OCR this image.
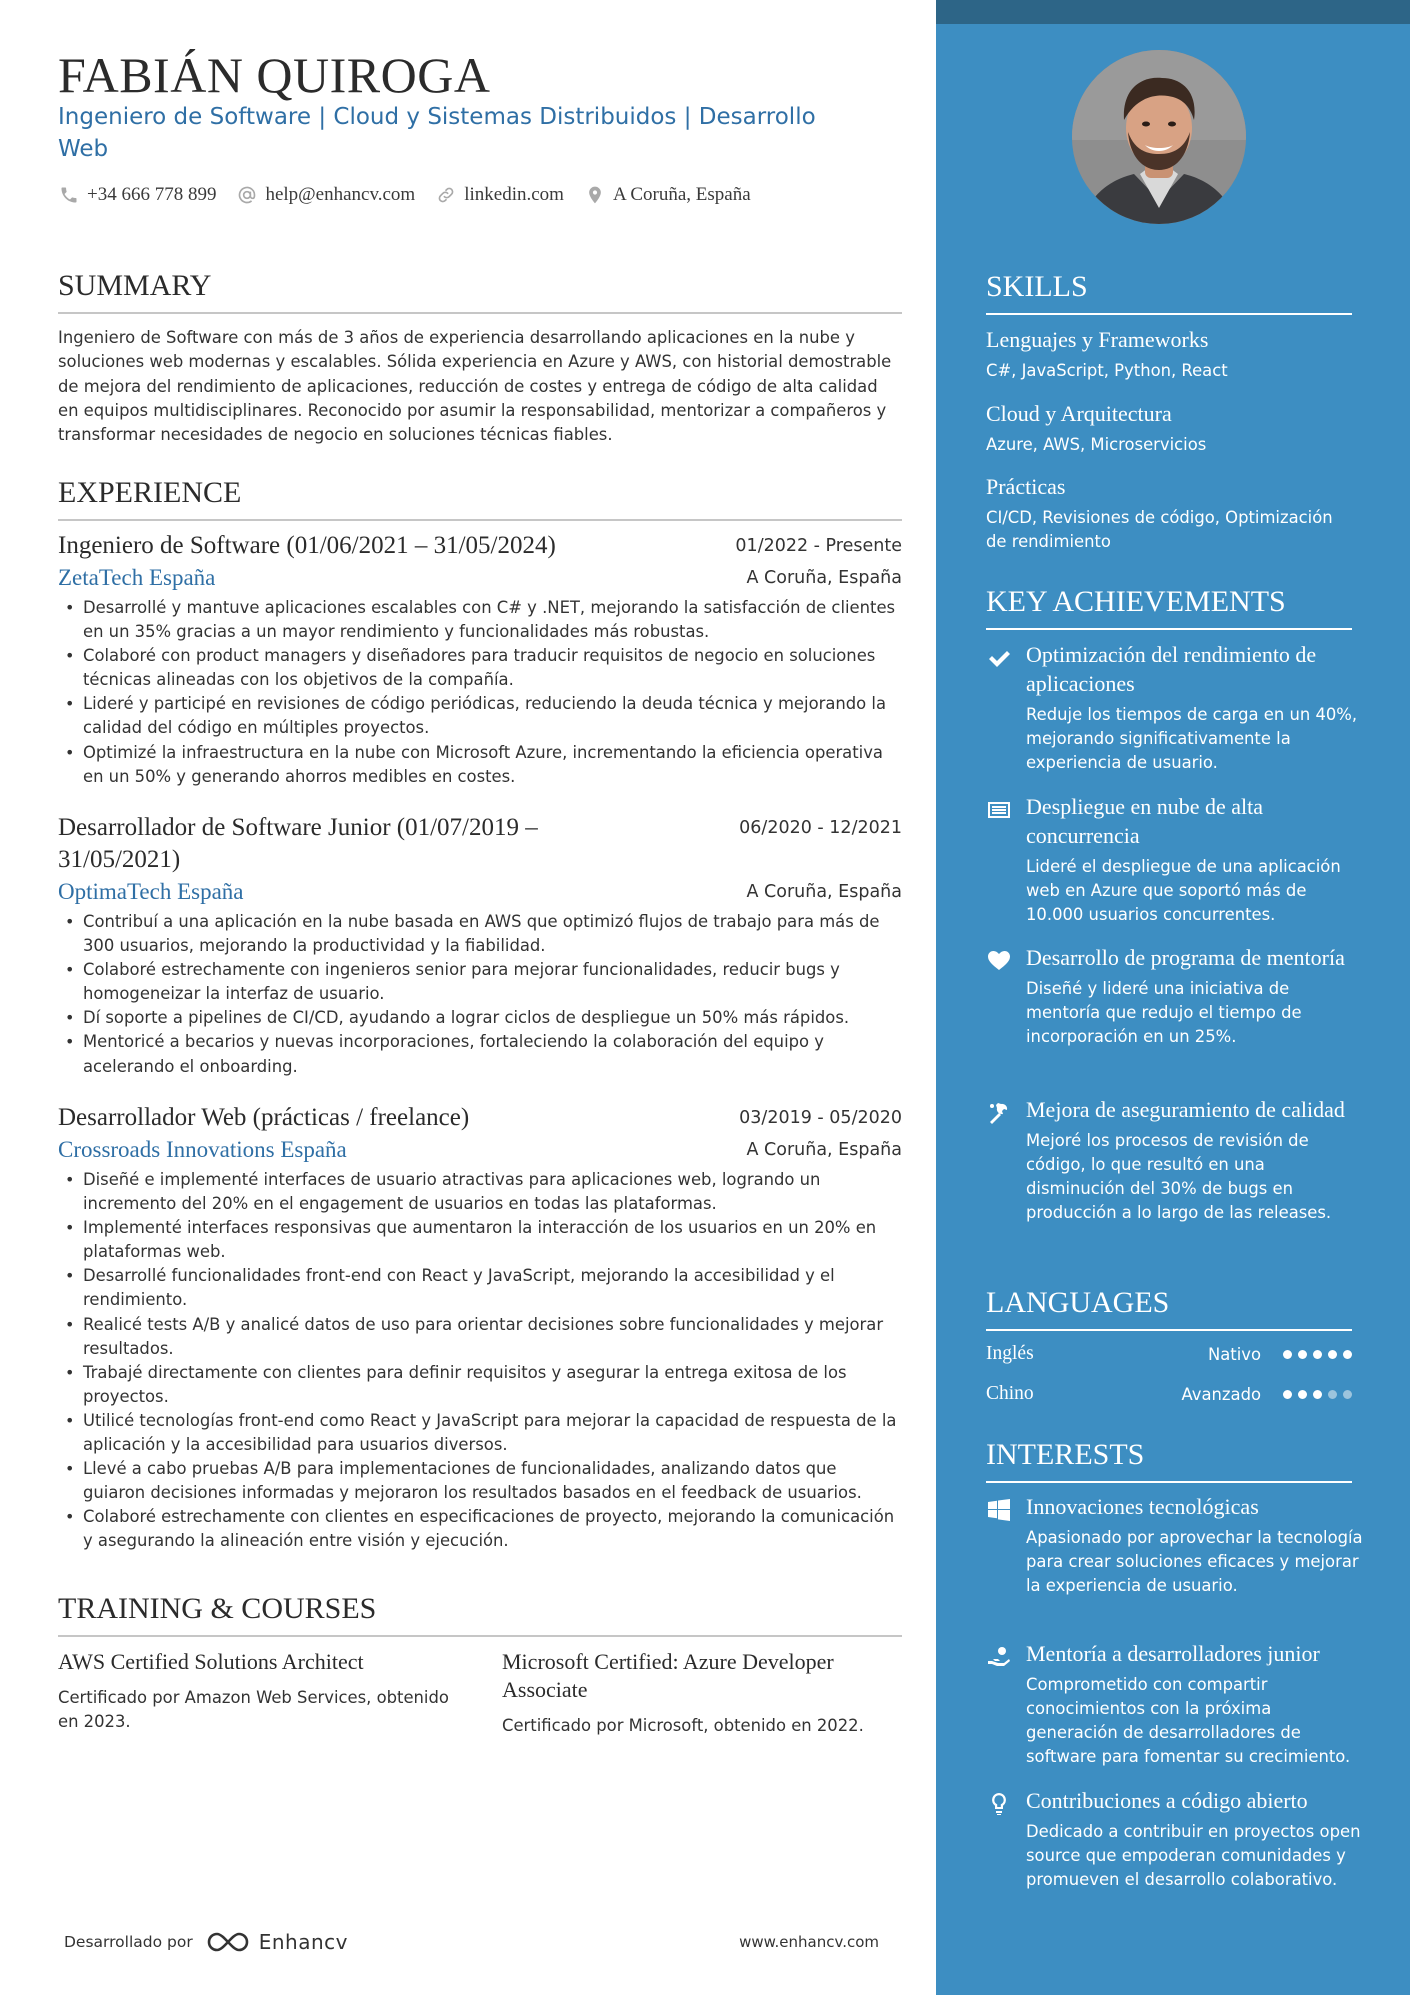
FABIÁN QUIROGA
Ingeniero de Software | Cloud y Sistemas Distribuidos | Desarrollo Web
+34 666 778 899	help@enhancv.com	linkedin.com	A Coruña, España
SUMMARY
Ingeniero de Software con más de 3 años de experiencia desarrollando aplicaciones en la nube y soluciones web modernas y escalables. Sólida experiencia en Azure y AWS, con historial demostrable de mejora del rendimiento de aplicaciones, reducción de costes y entrega de código de alta calidad en equipos multidisciplinares. Reconocido por asumir la responsabilidad, mentorizar a compañeros y transformar necesidades de negocio en soluciones técnicas fiables.
EXPERIENCE
Ingeniero de Software (01/06/2021 – 31/05/2024)	01/2022 - Presente
ZetaTech España	A Coruña, España
• Desarrollé y mantuve aplicaciones escalables con C# y .NET, mejorando la satisfacción de clientes en un 35% gracias a un mayor rendimiento y funcionalidades más robustas.
• Colaboré con product managers y diseñadores para traducir requisitos de negocio en soluciones técnicas alineadas con los objetivos de la compañía.
• Lideré y participé en revisiones de código periódicas, reduciendo la deuda técnica y mejorando la calidad del código en múltiples proyectos.
• Optimizé la infraestructura en la nube con Microsoft Azure, incrementando la eficiencia operativa en un 50% y generando ahorros medibles en costes.
Desarrollador de Software Junior (01/07/2019 – 31/05/2021)
06/2020 - 12/2021
OptimaTech España	A Coruña, España
• Contribuí a una aplicación en la nube basada en AWS que optimizó flujos de trabajo para más de 300 usuarios, mejorando la productividad y la fiabilidad.
• Colaboré estrechamente con ingenieros senior para mejorar funcionalidades, reducir bugs y homogeneizar la interfaz de usuario.
• Dí soporte a pipelines de CI/CD, ayudando a lograr ciclos de despliegue un 50% más rápidos.
• Mentoricé a becarios y nuevas incorporaciones, fortaleciendo la colaboración del equipo y acelerando el onboarding.
Desarrollador Web (prácticas / freelance)	03/2019 - 05/2020
Crossroads Innovations España	A Coruña, España
• Diseñé e implementé interfaces de usuario atractivas para aplicaciones web, logrando un incremento del 20% en el engagement de usuarios en todas las plataformas.
• Implementé interfaces responsivas que aumentaron la interacción de los usuarios en un 20% en plataformas web.
• Desarrollé funcionalidades front-end con React y JavaScript, mejorando la accesibilidad y el rendimiento.
• Realicé tests A/B y analicé datos de uso para orientar decisiones sobre funcionalidades y mejorar resultados.
• Trabajé directamente con clientes para definir requisitos y asegurar la entrega exitosa de los proyectos.
• Utilicé tecnologías front-end como React y JavaScript para mejorar la capacidad de respuesta de la aplicación y la accesibilidad para usuarios diversos.
• Llevé a cabo pruebas A/B para implementaciones de funcionalidades, analizando datos que guiaron decisiones informadas y mejoraron los resultados basados en el feedback de usuarios.
• Colaboré estrechamente con clientes en especificaciones de proyecto, mejorando la comunicación y asegurando la alineación entre visión y ejecución.
TRAINING & COURSES
AWS Certified Solutions Architect
Certificado por Amazon Web Services, obtenido en 2023.
Microsoft Certified: Azure Developer Associate
Certificado por Microsoft, obtenido en 2022.
Desarrollado por	Enhancv	www.enhancv.com
SKILLS
Lenguajes y Frameworks
C#, JavaScript, Python, React
Cloud y Arquitectura
Azure, AWS, Microservicios
Prácticas
CI/CD, Revisiones de código, Optimización de rendimiento
KEY ACHIEVEMENTS
Optimización del rendimiento de aplicaciones
Reduje los tiempos de carga en un 40%, mejorando significativamente la experiencia de usuario.
Despliegue en nube de alta concurrencia
Lideré el despliegue de una aplicación web en Azure que soportó más de 10.000 usuarios concurrentes.
Desarrollo de programa de mentoría
Diseñé y lideré una iniciativa de mentoría que redujo el tiempo de incorporación en un 25%.
Mejora de aseguramiento de calidad
Mejoré los procesos de revisión de código, lo que resultó en una disminución del 30% de bugs en producción a lo largo de las releases.
LANGUAGES
Inglés	Nativo
Chino	Avanzado
INTERESTS
Innovaciones tecnológicas
Apasionado por aprovechar la tecnología para crear soluciones eficaces y mejorar la experiencia de usuario.
Mentoría a desarrolladores junior
Comprometido con compartir conocimientos con la próxima generación de desarrolladores de software para fomentar su crecimiento.
Contribuciones a código abierto
Dedicado a contribuir en proyectos open source que empoderan comunidades y promueven el desarrollo colaborativo.
